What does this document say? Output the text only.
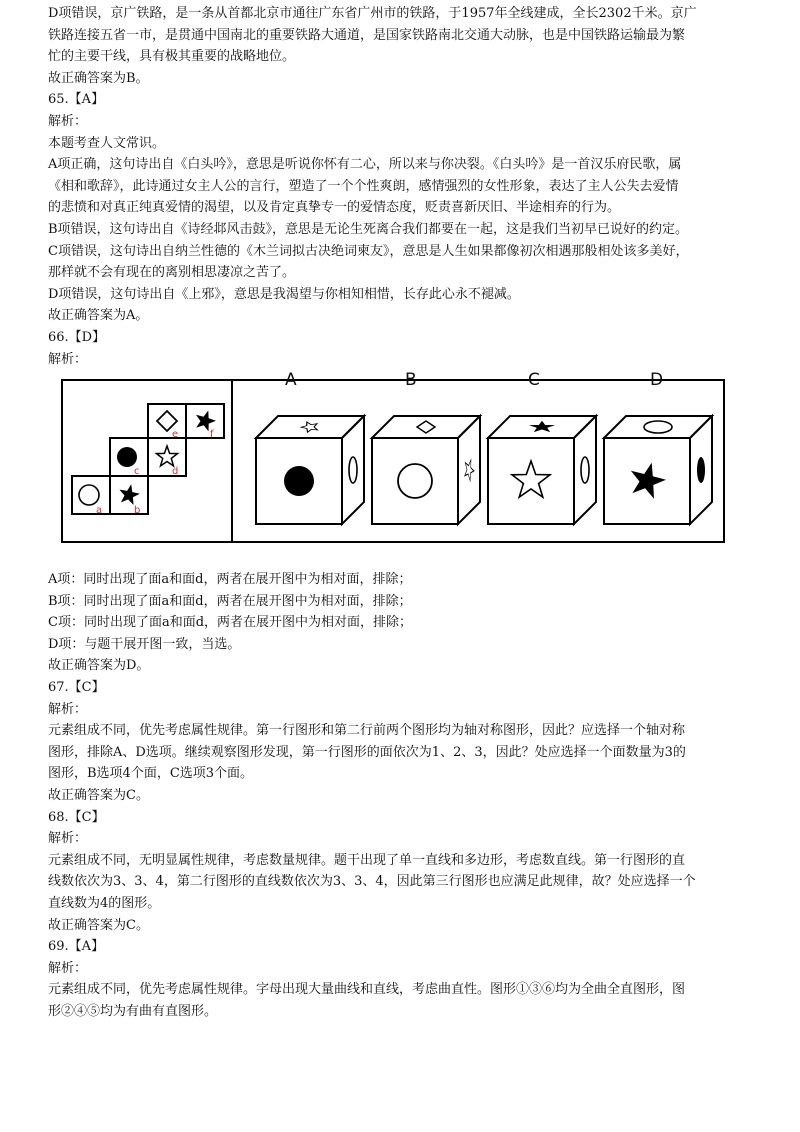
D项错误，京广铁路，是一条从首都北京市通往广东省广州市的铁路，于1957年全线建成，全长2302千米。京广

铁路连接五省一市，是贯通中国南北的重要铁路大通道，是国家铁路南北交通大动脉，也是中国铁路运输最为繁

忙的主要干线，具有极其重要的战略地位。

故正确答案为B。

65.【A】

解析：

本题考查人文常识。

A项正确，这句诗出自《白头吟》，意思是听说你怀有二心，所以来与你决裂。《白头吟》是一首汉乐府民歌，属

《相和歌辞》，此诗通过女主人公的言行，塑造了一个个性爽朗，感情强烈的女性形象，表达了主人公失去爱情

的悲愤和对真正纯真爱情的渴望，以及肯定真挚专一的爱情态度，贬责喜新厌旧、半途相弃的行为。

B项错误，这句诗出自《诗经邶风击鼓》，意思是无论生死离合我们都要在一起，这是我们当初早已说好的约定。

C项错误，这句诗出自纳兰性德的《木兰词拟古决绝词柬友》，意思是人生如果都像初次相遇那般相处该多美好，

那样就不会有现在的离别相思凄凉之苦了。

D项错误，这句诗出自《上邪》，意思是我渴望与你相知相惜，长存此心永不褪减。

故正确答案为A。

66.【D】

解析：

a	b
c	d
e	f
A	B	C	D

A项：同时出现了面a和面d，两者在展开图中为相对面，排除；

B项：同时出现了面a和面d，两者在展开图中为相对面，排除；

C项：同时出现了面a和面d，两者在展开图中为相对面，排除；

D项：与题干展开图一致，当选。

故正确答案为D。

67.【C】

解析：

元素组成不同，优先考虑属性规律。第一行图形和第二行前两个图形均为轴对称图形，因此？应选择一个轴对称

图形，排除A、D选项。继续观察图形发现，第一行图形的面依次为1、2、3，因此？处应选择一个面数量为3的

图形，B选项4个面，C选项3个面。

故正确答案为C。

68.【C】

解析：

元素组成不同，无明显属性规律，考虑数量规律。题干出现了单一直线和多边形，考虑数直线。第一行图形的直

线数依次为3、3、4，第二行图形的直线数依次为3、3、4，因此第三行图形也应满足此规律，故？处应选择一个

直线数为4的图形。

故正确答案为C。

69.【A】

解析：

元素组成不同，优先考虑属性规律。字母出现大量曲线和直线，考虑曲直性。图形①③⑥均为全曲全直图形，图

形②④⑤均为有曲有直图形。
